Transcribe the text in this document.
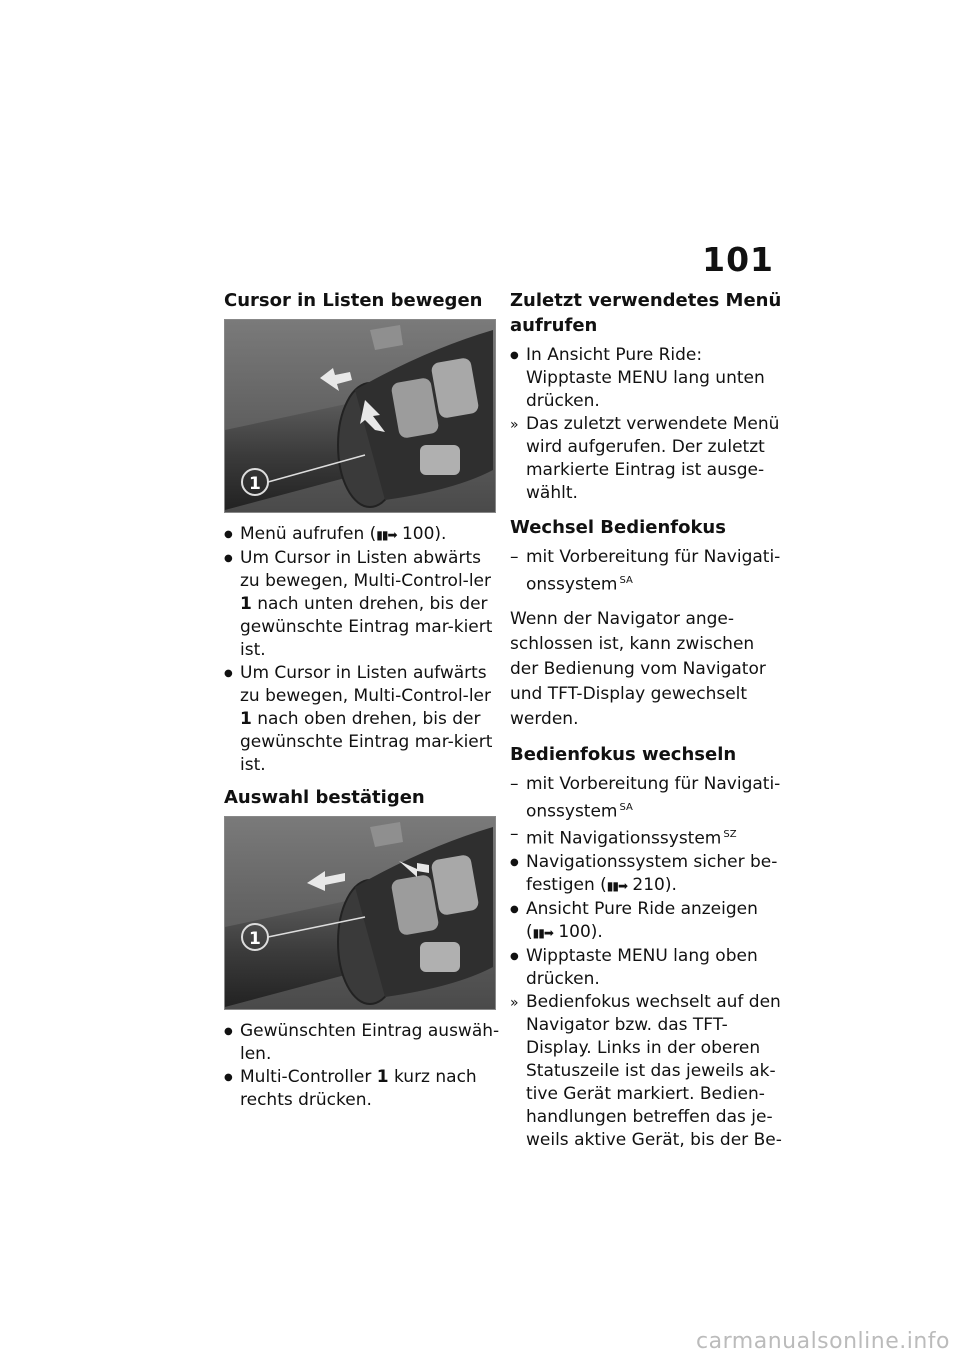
101
Cursor in Listen bewegen
1
●
Menü aufrufen (▮▮➡ 100).
●
Um Cursor in Listen abwärts zu bewegen, Multi-Control-ler 1 nach unten drehen, bis der gewünschte Eintrag mar-kiert ist.
●
Um Cursor in Listen aufwärts zu bewegen, Multi-Control-ler 1 nach oben drehen, bis der gewünschte Eintrag mar-kiert ist.
Auswahl bestätigen
1
●
Gewünschten Eintrag auswäh-len.
●
Multi-Controller 1 kurz nach rechts drücken.
Zuletzt verwendetes Menü aufrufen
●
In Ansicht Pure Ride: Wipptaste MENU lang unten drücken.
»
Das zuletzt verwendete Menü wird aufgerufen. Der zuletzt markierte Eintrag ist ausge-wählt.
Wechsel Bedienfokus
–
mit Vorbereitung für Navigati-onssystem $^{SA}$

Wenn der Navigator ange-schlossen ist, kann zwischen der Bedienung vom Navigator und TFT-Display gewechselt werden.

Bedienfokus wechseln
–
mit Vorbereitung für Navigati-onssystem $^{SA}$
–
mit Navigationssystem $^{SZ}$
●
Navigationssystem sicher be-festigen (▮▮➡ 210).
●
Ansicht Pure Ride anzeigen (▮▮➡ 100).
●
Wipptaste MENU lang oben drücken.
»
Bedienfokus wechselt auf den Navigator bzw. das TFT-Display. Links in der oberen Statuszeile ist das jeweils ak-tive Gerät markiert. Bedien-handlungen betreffen das je-weils aktive Gerät, bis der Be-
carmanualsonline.info
